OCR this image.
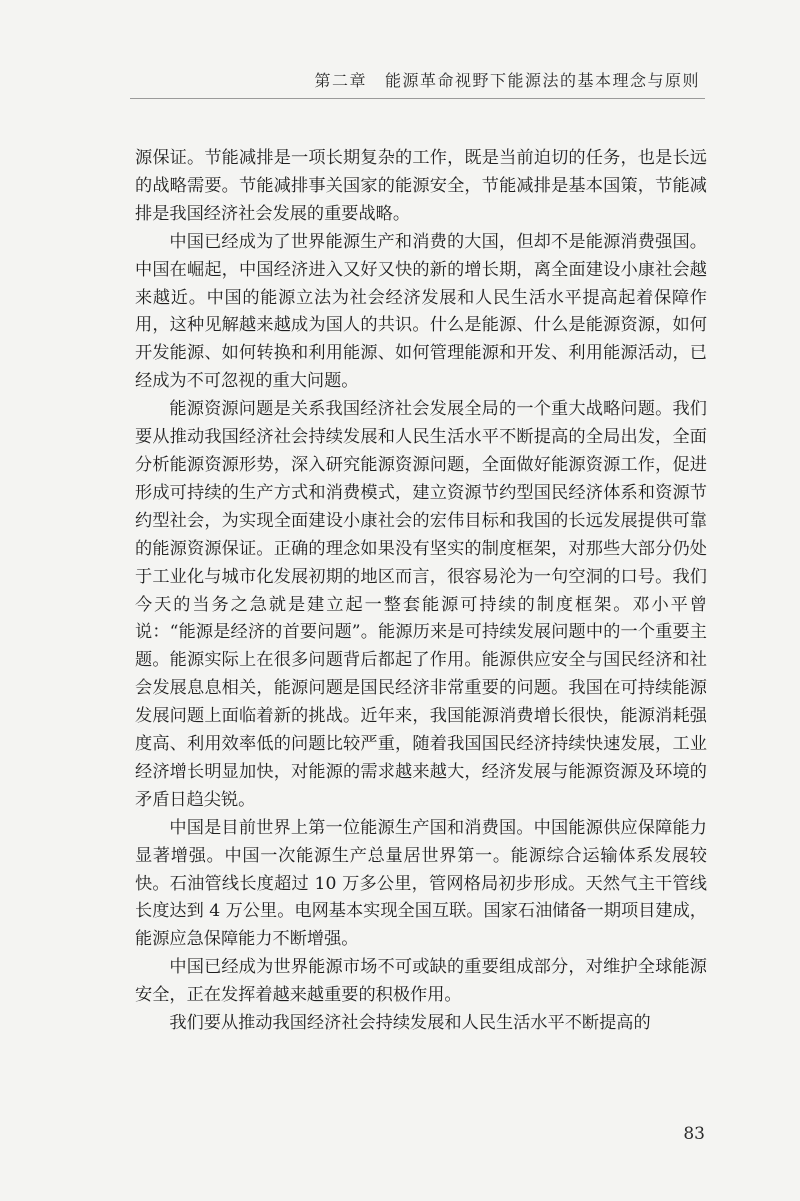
第二章 能源革命视野下能源法的基本理念与原则

源保证。节能减排是一项长期复杂的工作，既是当前迫切的任务，也是长远的战略需要。节能减排事关国家的能源安全，节能减排是基本国策，节能减排是我国经济社会发展的重要战略。

中国已经成为了世界能源生产和消费的大国，但却不是能源消费强国。中国在崛起，中国经济进入又好又快的新的增长期，离全面建设小康社会越来越近。中国的能源立法为社会经济发展和人民生活水平提高起着保障作用，这种见解越来越成为国人的共识。什么是能源、什么是能源资源，如何开发能源、如何转换和利用能源、如何管理能源和开发、利用能源活动，已经成为不可忽视的重大问题。

能源资源问题是关系我国经济社会发展全局的一个重大战略问题。我们要从推动我国经济社会持续发展和人民生活水平不断提高的全局出发，全面分析能源资源形势，深入研究能源资源问题，全面做好能源资源工作，促进形成可持续的生产方式和消费模式，建立资源节约型国民经济体系和资源节约型社会，为实现全面建设小康社会的宏伟目标和我国的长远发展提供可靠的能源资源保证。正确的理念如果没有坚实的制度框架，对那些大部分仍处于工业化与城市化发展初期的地区而言，很容易沦为一句空洞的口号。我们今天的当务之急就是建立起一整套能源可持续的制度框架。邓小平曾说：“能源是经济的首要问题”。能源历来是可持续发展问题中的一个重要主题。能源实际上在很多问题背后都起了作用。能源供应安全与国民经济和社会发展息息相关，能源问题是国民经济非常重要的问题。我国在可持续能源发展问题上面临着新的挑战。近年来，我国能源消费增长很快，能源消耗强度高、利用效率低的问题比较严重，随着我国国民经济持续快速发展，工业经济增长明显加快，对能源的需求越来越大，经济发展与能源资源及环境的矛盾日趋尖锐。

中国是目前世界上第一位能源生产国和消费国。中国能源供应保障能力显著增强。中国一次能源生产总量居世界第一。能源综合运输体系发展较快。石油管线长度超过 10 万多公里，管网格局初步形成。天然气主干管线长度达到 4 万公里。电网基本实现全国互联。国家石油储备一期项目建成，能源应急保障能力不断增强。

中国已经成为世界能源市场不可或缺的重要组成部分，对维护全球能源安全，正在发挥着越来越重要的积极作用。

我们要从推动我国经济社会持续发展和人民生活水平不断提高的

83
